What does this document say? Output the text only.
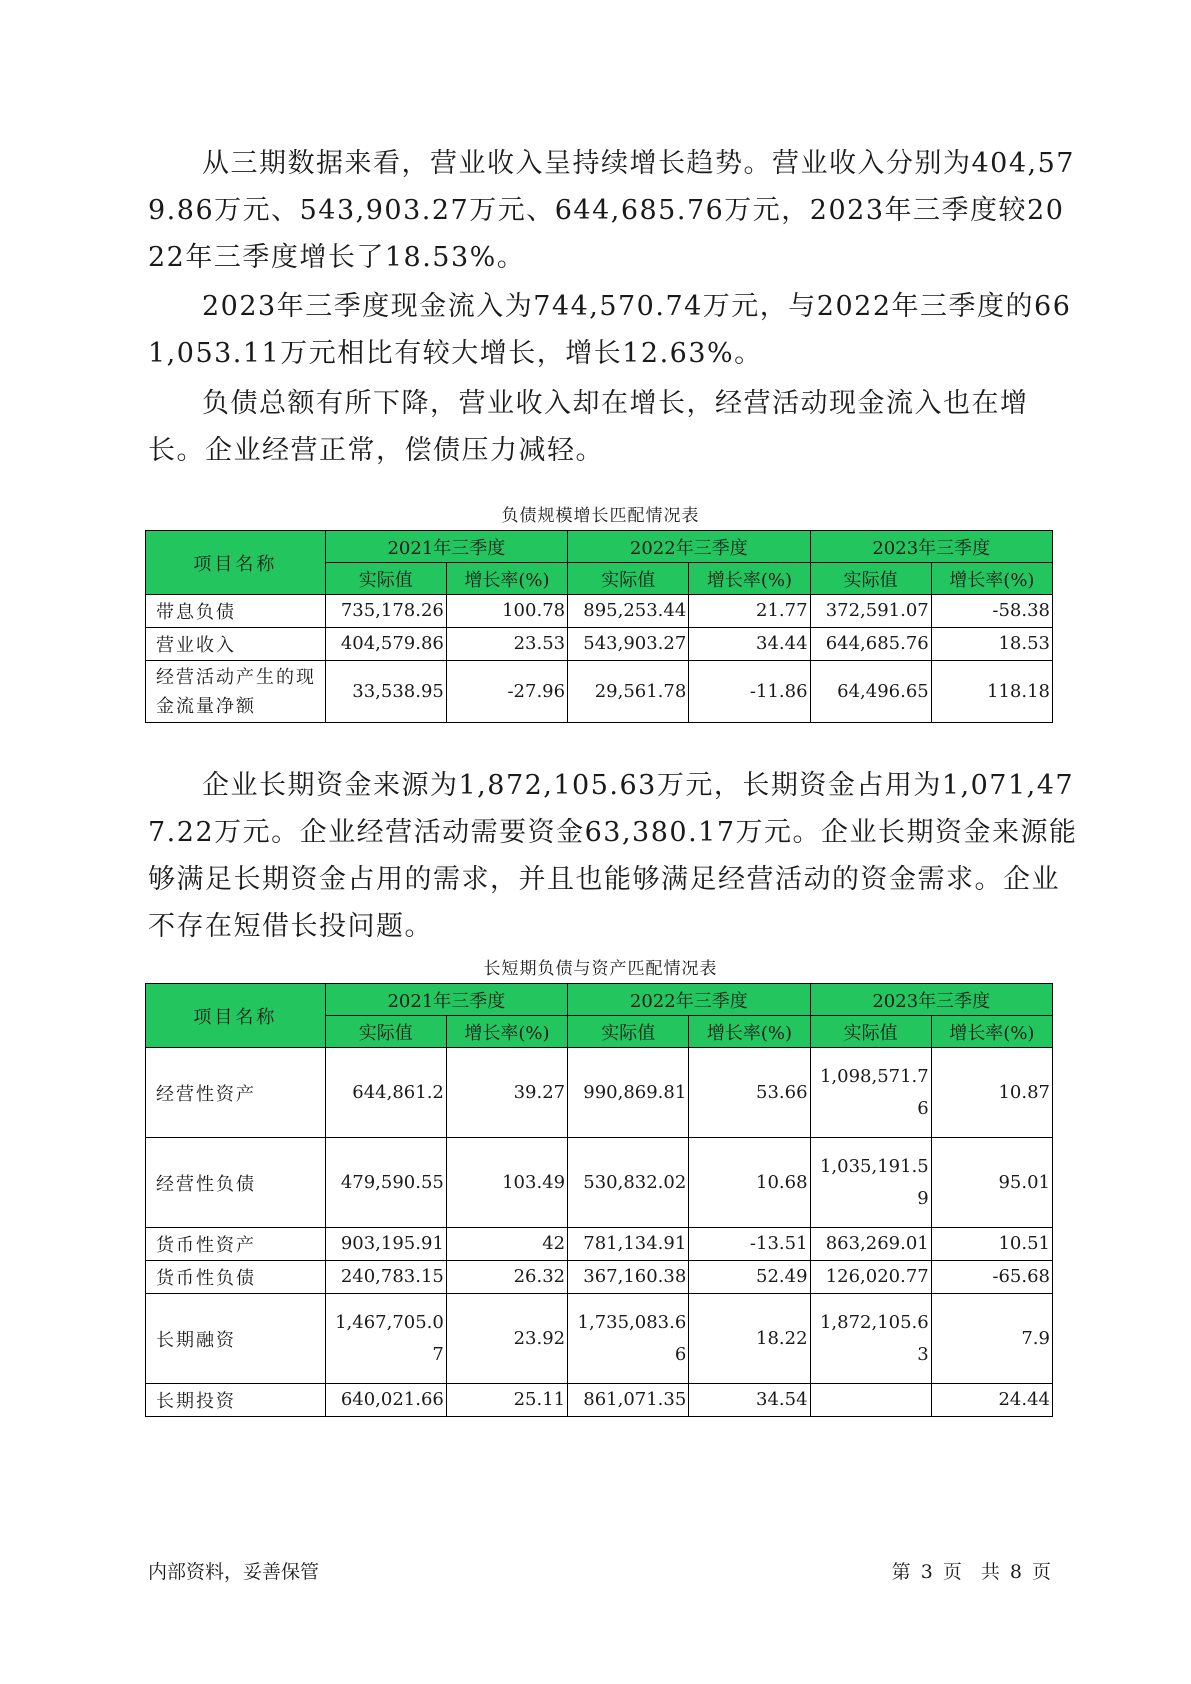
从三期数据来看，营业收入呈持续增长趋势。营业收入分别为404,579.86万元、543,903.27万元、644,685.76万元，2023年三季度较2022年三季度增长了18.53%。

2023年三季度现金流入为744,570.74万元，与2022年三季度的661,053.11万元相比有较大增长，增长12.63%。

负债总额有所下降，营业收入却在增长，经营活动现金流入也在增长。企业经营正常，偿债压力减轻。

负债规模增长匹配情况表
项目名称	2021年三季度		2022年三季度		2023年三季度	
	实际值	增长率(%)	实际值	增长率(%)	实际值	增长率(%)
带息负债	735,178.26	100.78	895,253.44	21.77	372,591.07	-58.38
营业收入	404,579.86	23.53	543,903.27	34.44	644,685.76	18.53
经营活动产生的现金流量净额	33,538.95	-27.96	29,561.78	-11.86	64,496.65	118.18

企业长期资金来源为1,872,105.63万元，长期资金占用为1,071,477.22万元。企业经营活动需要资金63,380.17万元。企业长期资金来源能够满足长期资金占用的需求，并且也能够满足经营活动的资金需求。企业不存在短借长投问题。

长短期负债与资产匹配情况表
项目名称	2021年三季度		2022年三季度		2023年三季度	
	实际值	增长率(%)	实际值	增长率(%)	实际值	增长率(%)
经营性资产	644,861.2	39.27	990,869.81	53.66	1,098,571.76	10.87
经营性负债	479,590.55	103.49	530,832.02	10.68	1,035,191.59	95.01
货币性资产	903,195.91	42	781,134.91	-13.51	863,269.01	10.51
货币性负债	240,783.15	26.32	367,160.38	52.49	126,020.77	-65.68
长期融资	1,467,705.07	23.92	1,735,083.66	18.22	1,872,105.63	7.9
长期投资	640,021.66	25.11	861,071.35	34.54		24.44
内部资料，妥善保管	第 3 页　共 8 页
